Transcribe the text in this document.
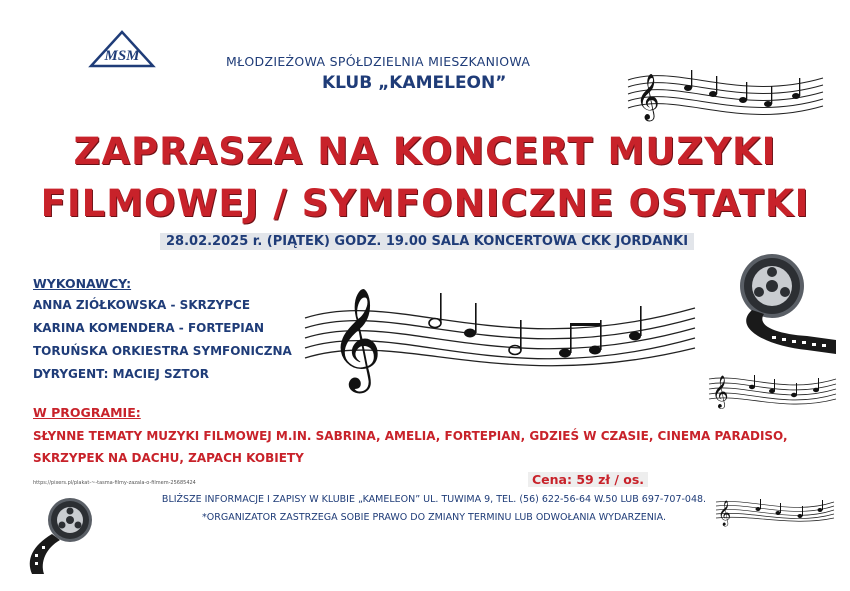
MSM	MŁODZIEŻOWA SPÓŁDZIELNIA MIESZKANIOWA
KLUB „KAMELEON”	𝄞
ZAPRASZA NA KONCERT MUZYKI
FILMOWEJ / SYMFONICZNE OSTATKI
28.02.2025 r. (PIĄTEK) GODZ. 19.00 SALA KONCERTOWA CKK JORDANKI
WYKONAWCY:
ANNA ZIÓŁKOWSKA - SKRZYPCE
KARINA KOMENDERA - FORTEPIAN
TORUŃSKA ORKIESTRA SYMFONICZNA
DYRYGENT: MACIEJ SZTOR 𝄞
𝄞
W PROGRAMIE:
SŁYNNE TEMATY MUZYKI FILMOWEJ M.IN. SABRINA, AMELIA, FORTEPIAN, GDZIEŚ W CZASIE, CINEMA PARADISO,
SKRZYPEK NA DACHU, ZAPACH KOBIETY
Cena: 59 zł / os.
https://pixers.pl/plakat-~-tasma-filmy-zazala-o-filmem-25685424
BLIŻSZE INFORMACJE I ZAPISY W KLUBIE „KAMELEON” UL. TUWIMA 9, TEL. (56) 622-56-64 W.50 LUB 697-707-048.
*ORGANIZATOR ZASTRZEGA SOBIE PRAWO DO ZMIANY TERMINU LUB ODWOŁANIA WYDARZENIA.	𝄞
